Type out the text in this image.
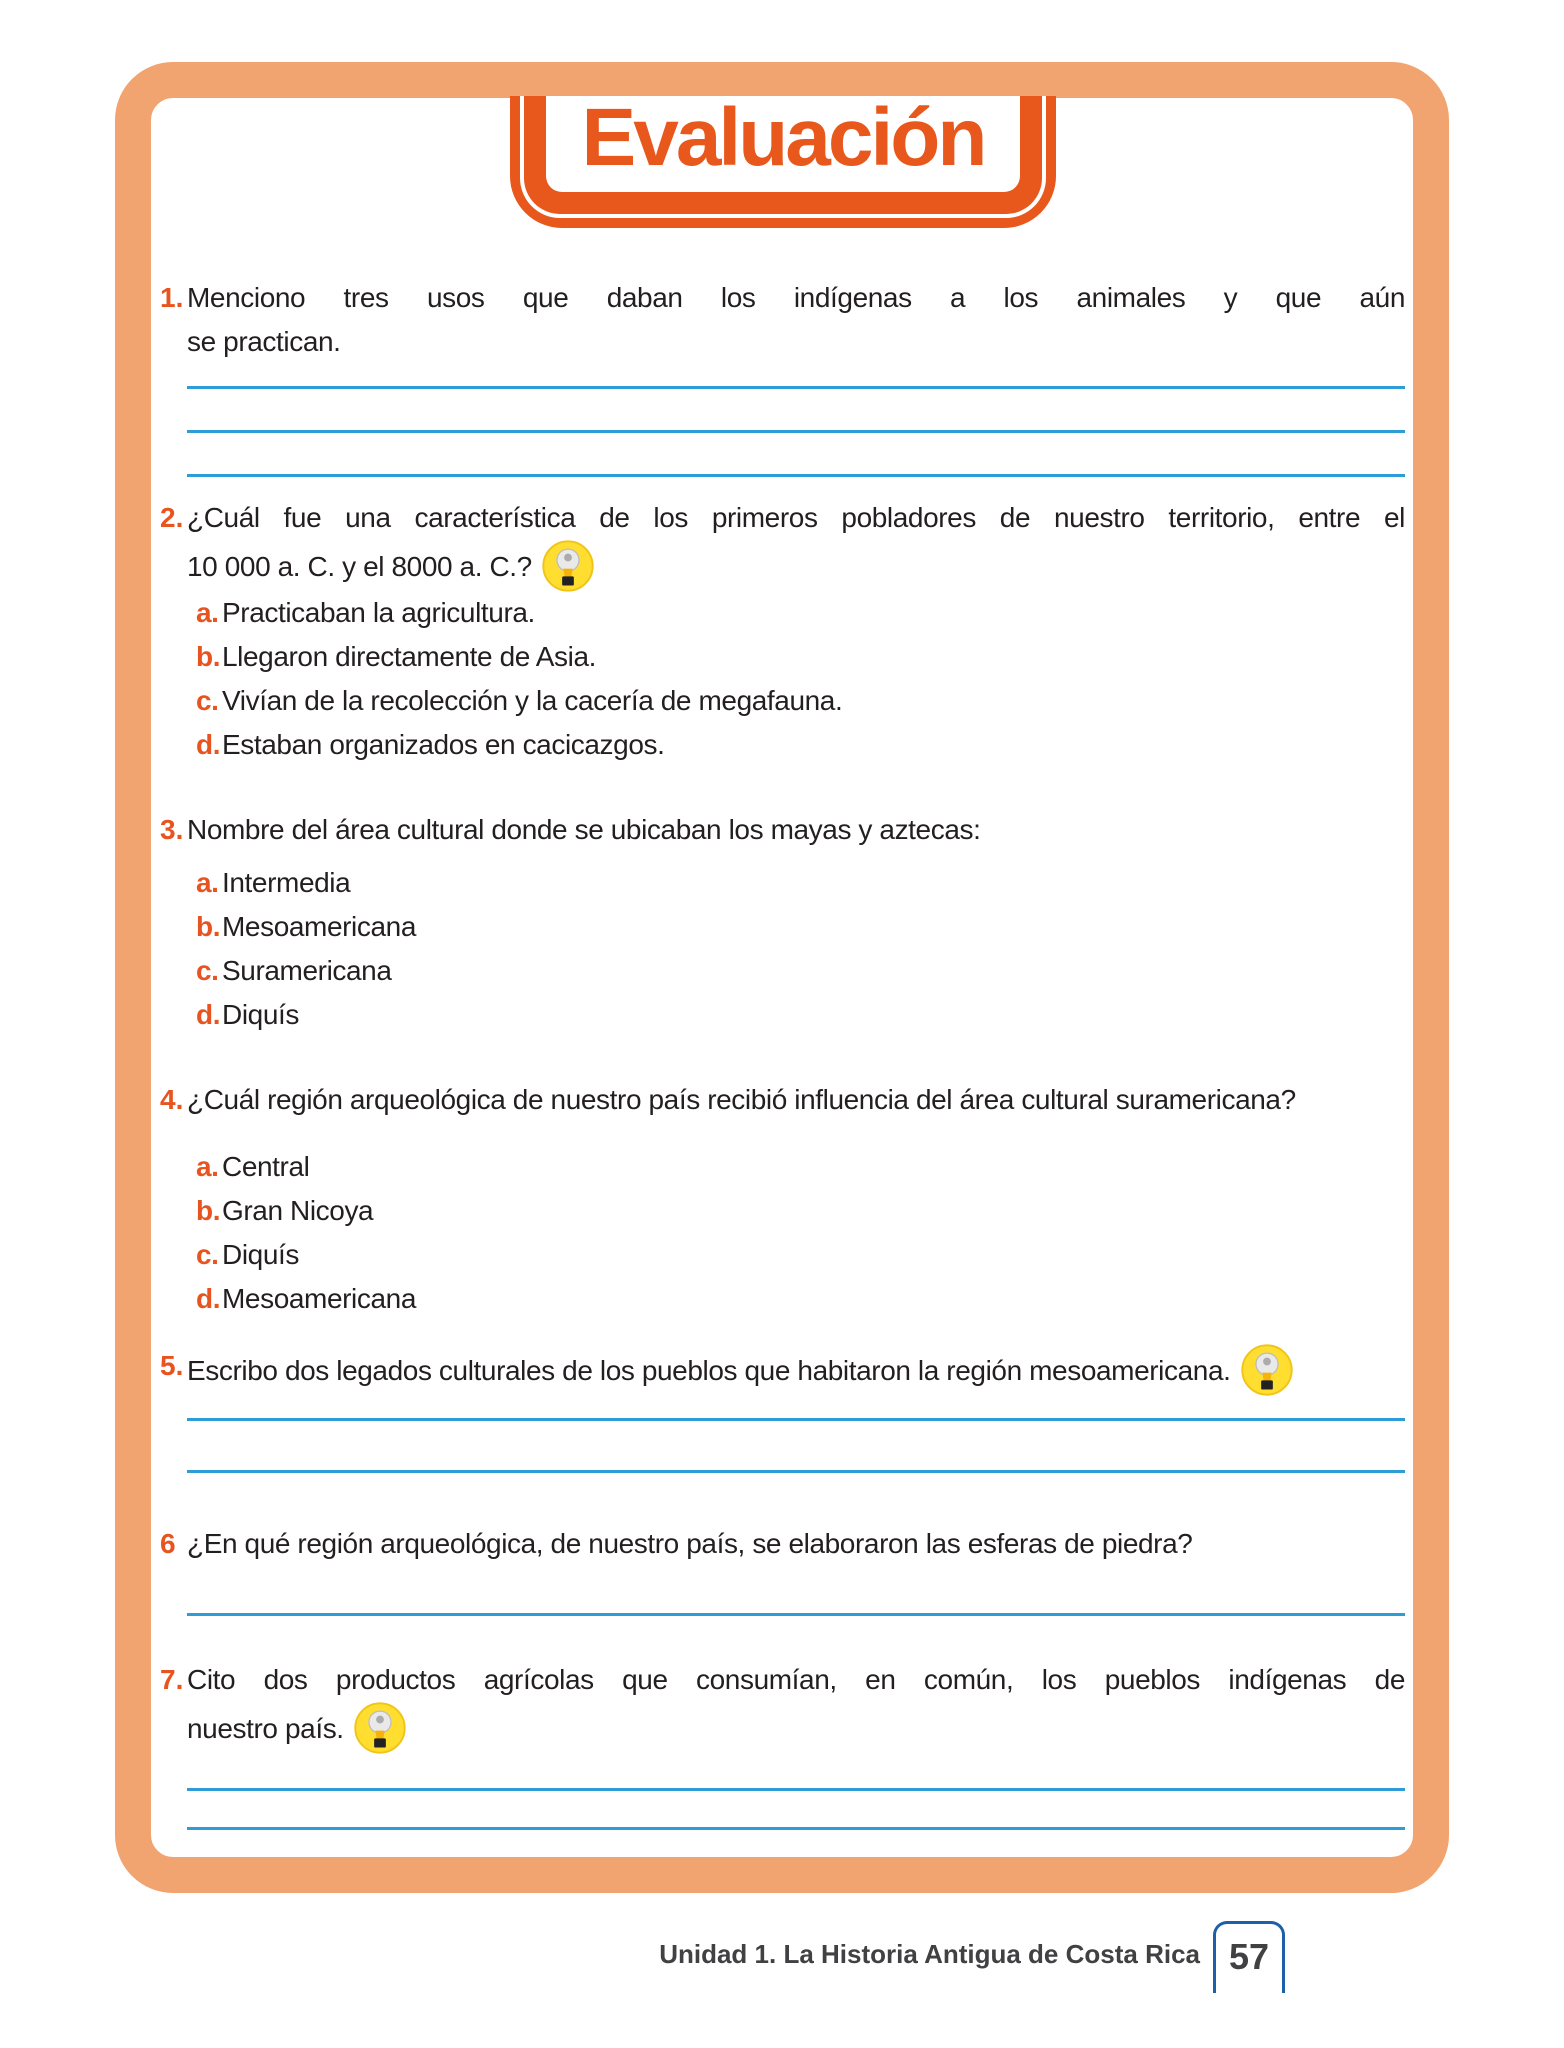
Evaluación
1. Menciono tres usos que daban los indígenas a los animales y que aún
se practican.
2. ¿Cuál fue una característica de los primeros pobladores de nuestro territorio, entre el
10 000 a. C. y el 8000 a. C.?
a. Practicaban la agricultura.
b.Llegaron directamente de Asia.
c. Vivían de la recolección y la cacería de megafauna.
d.Estaban organizados en cacicazgos.
3. Nombre del área cultural donde se ubicaban los mayas y aztecas:
a. Intermedia
b.Mesoamericana
c. Suramericana
d.Diquís
4. ¿Cuál región arqueológica de nuestro país recibió influencia del área cultural suramericana?
a. Central
b.Gran Nicoya
c. Diquís
d.Mesoamericana
5. Escribo dos legados culturales de los pueblos que habitaron la región mesoamericana.
6 ¿En qué región arqueológica, de nuestro país, se elaboraron las esferas de piedra?
7. Cito dos productos agrícolas que consumían, en común, los pueblos indígenas de
nuestro país.
Unidad 1. La Historia Antigua de Costa Rica 57
